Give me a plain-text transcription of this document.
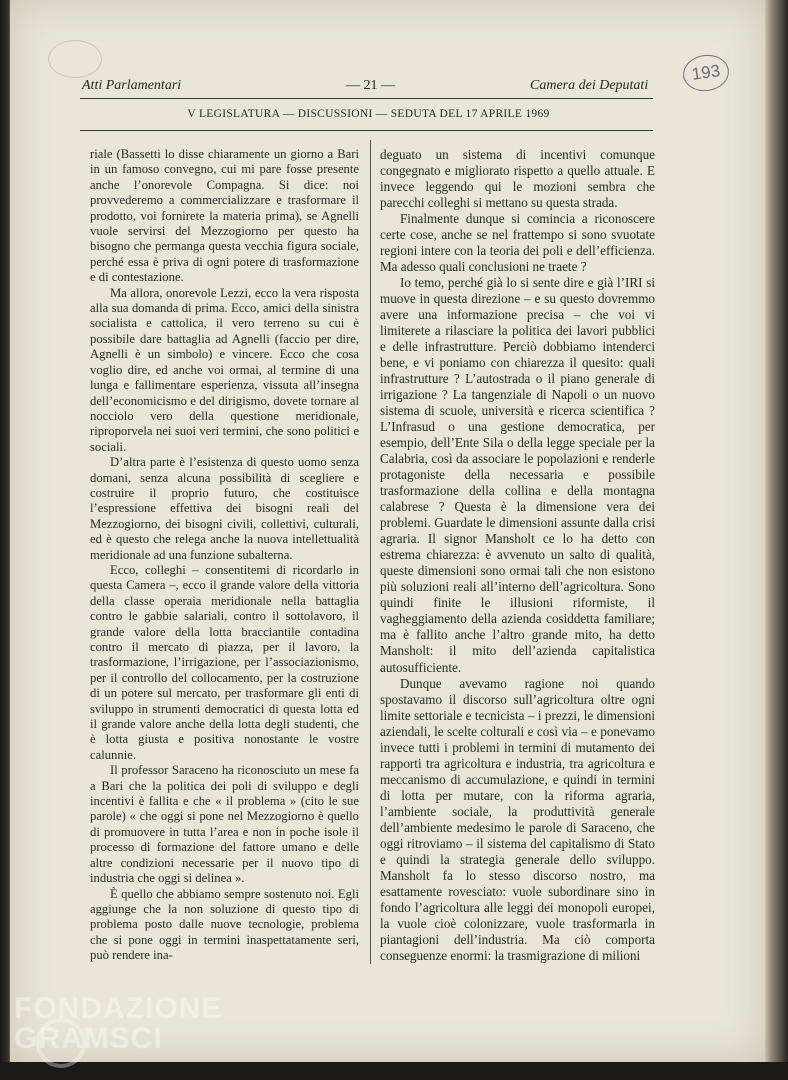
193
Atti Parlamentari	— 21 —	Camera dei Deputati
V LEGISLATURA — DISCUSSIONI — SEDUTA DEL 17 APRILE 1969

riale (Bassetti lo disse chiaramente un giorno a Bari in un famoso convegno, cui mi pare fosse presente anche l’onorevole Compagna. Si dice: noi provvederemo a commercializzare e trasformare il prodotto, voi fornirete la materia prima), se Agnelli vuole servirsi del Mezzogiorno per questo ha bisogno che permanga questa vecchia figura sociale, perché essa è priva di ogni potere di trasformazione e di contestazione.

Ma allora, onorevole Lezzi, ecco la vera risposta alla sua domanda di prima. Ecco, amici della sinistra socialista e cattolica, il vero terreno su cui è possibile dare battaglia ad Agnelli (faccio per dire, Agnelli è un simbolo) e vincere. Ecco che cosa voglio dire, ed anche voi ormai, al termine di una lunga e fallimentare esperienza, vissuta all’insegna dell’economicismo e del dirigismo, dovete tornare al nocciolo vero della questione meridionale, riproporvela nei suoi veri termini, che sono politici e sociali.

D’altra parte è l’esistenza di questo uomo senza domani, senza alcuna possibilità di scegliere e costruire il proprio futuro, che costituisce l’espressione effettiva dei bisogni reali del Mezzogiorno, dei bisogni civili, collettivi, culturali, ed è questo che relega anche la nuova intellettualità meridionale ad una funzione subalterna.

Ecco, colleghi – consentitemi di ricordarlo in questa Camera –, ecco il grande valore della vittoria della classe operaia meridionale nella battaglia contro le gabbie salariali, contro il sottolavoro, il grande valore della lotta bracciantile contadina contro il mercato di piazza, per il lavoro, la trasformazione, l’irrigazione, per l’associazionismo, per il controllo del collocamento, per la costruzione di un potere sul mercato, per trasformare gli enti di sviluppo in strumenti democratici di questa lotta ed il grande valore anche della lotta degli studenti, che è lotta giusta e positiva nonostante le vostre calunnie.

Il professor Saraceno ha riconosciuto un mese fa a Bari che la politica dei poli di sviluppo e degli incentivi è fallita e che « il problema » (cito le sue parole) « che oggi si pone nel Mezzogiorno è quello di promuovere in tutta l’area e non in poche isole il processo di formazione del fattore umano e delle altre condizioni necessarie per il nuovo tipo di industria che oggi si delinea ».

È quello che abbiamo sempre sostenuto noi. Egli aggiunge che la non soluzione di questo tipo di problema posto dalle nuove tecnologie, problema che si pone oggi in termini inaspettatamente seri, può rendere ina-

deguato un sistema di incentivi comunque congegnato e migliorato rispetto a quello attuale. E invece leggendo qui le mozioni sembra che parecchi colleghi si mettano su questa strada.

Finalmente dunque si comincia a riconoscere certe cose, anche se nel frattempo si sono svuotate regioni intere con la teoria dei poli e dell’efficienza. Ma adesso quali conclusioni ne traete ?

Io temo, perché già lo si sente dire e già l’IRI si muove in questa direzione – e su questo dovremmo avere una informazione precisa – che voi vi limiterete a rilasciare la politica dei lavori pubblici e delle infrastrutture. Perciò dobbiamo intenderci bene, e vi poniamo con chiarezza il quesito: quali infrastrutture ? L’autostrada o il piano generale di irrigazione ? La tangenziale di Napoli o un nuovo sistema di scuole, università e ricerca scientifica ? L’Infrasud o una gestione democratica, per esempio, dell’Ente Sila o della legge speciale per la Calabria, così da associare le popolazioni e renderle protagoniste della necessaria e possibile trasformazione della collina e della montagna calabrese ? Questa è la dimensione vera dei problemi. Guardate le dimensioni assunte dalla crisi agraria. Il signor Mansholt ce lo ha detto con estrema chiarezza: è avvenuto un salto di qualità, queste dimensioni sono ormai tali che non esistono più soluzioni reali all’interno dell’agricoltura. Sono quindi finite le illusioni riformiste, il vagheggiamento della azienda cosiddetta familiare; ma è fallito anche l’altro grande mito, ha detto Mansholt: il mito dell’azienda capitalistica autosufficiente.

Dunque avevamo ragione noi quando spostavamo il discorso sull’agricoltura oltre ogni limite settoriale e tecnicista – i prezzi, le dimensioni aziendali, le scelte colturali e così via – e ponevamo invece tutti i problemi in termini di mutamento dei rapporti tra agricoltura e industria, tra agricoltura e meccanismo di accumulazione, e quindi in termini di lotta per mutare, con la riforma agraria, l’ambiente sociale, la produttività generale dell’ambiente medesimo le parole di Saraceno, che oggi ritroviamo – il sistema del capitalismo di Stato e quindi la strategia generale dello sviluppo. Mansholt fa lo stesso discorso nostro, ma esattamente rovesciato: vuole subordinare sino in fondo l’agricoltura alle leggi dei monopoli europei, la vuole cioè colonizzare, vuole trasformarla in piantagioni dell’industria. Ma ciò comporta conseguenze enormi: la trasmigrazione di milioni

FONDAZIONE
GRAMSCI
